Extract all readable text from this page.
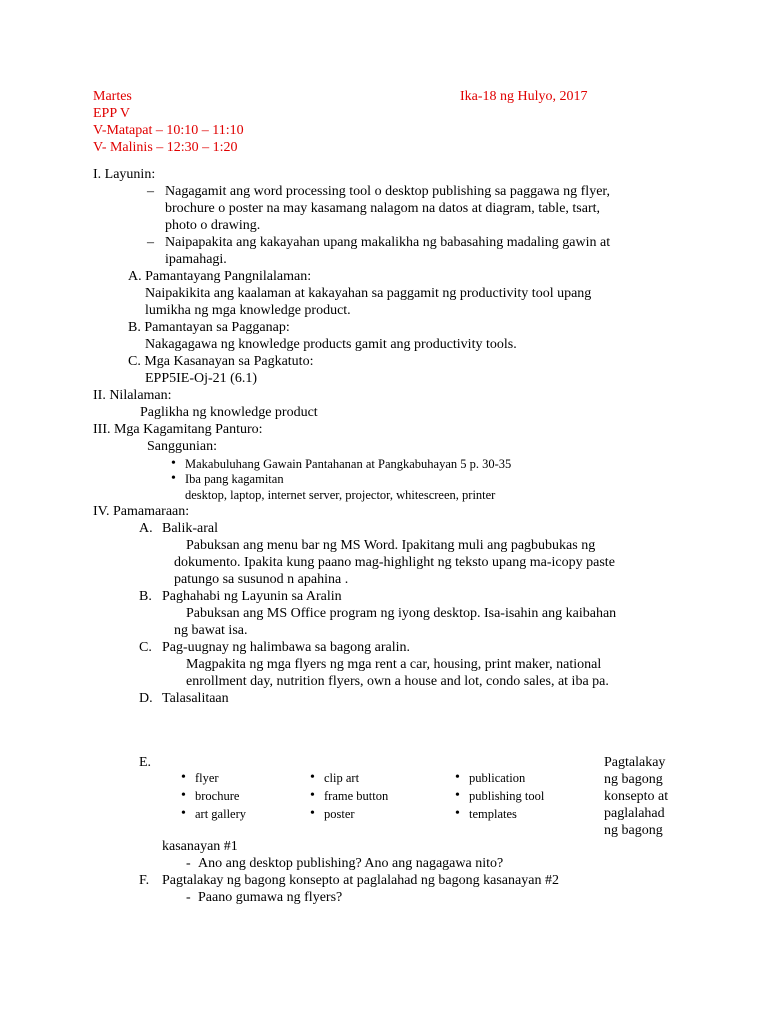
Martes	Ika-18 ng Hulyo, 2017
EPP V
V-Matapat – 10:10 – 11:10
V- Malinis – 12:30 – 1:20
I. Layunin:
– Nagagamit ang word processing tool o desktop publishing sa paggawa ng flyer,
brochure o poster na may kasamang nalagom na datos at diagram, table, tsart,
photo o drawing.
– Naipapakita ang kakayahan upang makalikha ng babasahing madaling gawin at
ipamahagi.
A. Pamantayang Pangnilalaman:
Naipakikita ang kaalaman at kakayahan sa paggamit ng productivity tool upang
lumikha ng mga knowledge product.
B. Pamantayan sa Pagganap:
Nakagagawa ng knowledge products gamit ang productivity tools.
C. Mga Kasanayan sa Pagkatuto:
EPP5IE-Oj-21 (6.1)
II. Nilalaman:
Paglikha ng knowledge product
III. Mga Kagamitang Panturo:
Sanggunian:
• Makabuluhang Gawain Pantahanan at Pangkabuhayan 5 p. 30-35
• Iba pang kagamitan
desktop, laptop, internet server, projector, whitescreen, printer
IV. Pamamaraan:
A. Balik-aral
Pabuksan ang menu bar ng MS Word. Ipakitang muli ang pagbubukas ng
dokumento. Ipakita kung paano mag-highlight ng teksto upang ma-icopy paste
patungo sa susunod n apahina .
B. Paghahabi ng Layunin sa Aralin
Pabuksan ang MS Office program ng iyong desktop. Isa-isahin ang kaibahan
ng bawat isa.
C. Pag-uugnay ng halimbawa sa bagong aralin.
Magpakita ng mga flyers ng mga rent a car, housing, print maker, national
enrollment day, nutrition flyers, own a house and lot, condo sales, at iba pa.
D. Talasalitaan
E.
• flyer
• brochure
• art gallery
• clip art
• frame button
• poster
• publication
• publishing tool
• templates
Pagtalakay
ng bagong
konsepto at
paglalahad
ng bagong
kasanayan #1
- Ano ang desktop publishing? Ano ang nagagawa nito?
F. Pagtalakay ng bagong konsepto at paglalahad ng bagong kasanayan #2
- Paano gumawa ng flyers?
